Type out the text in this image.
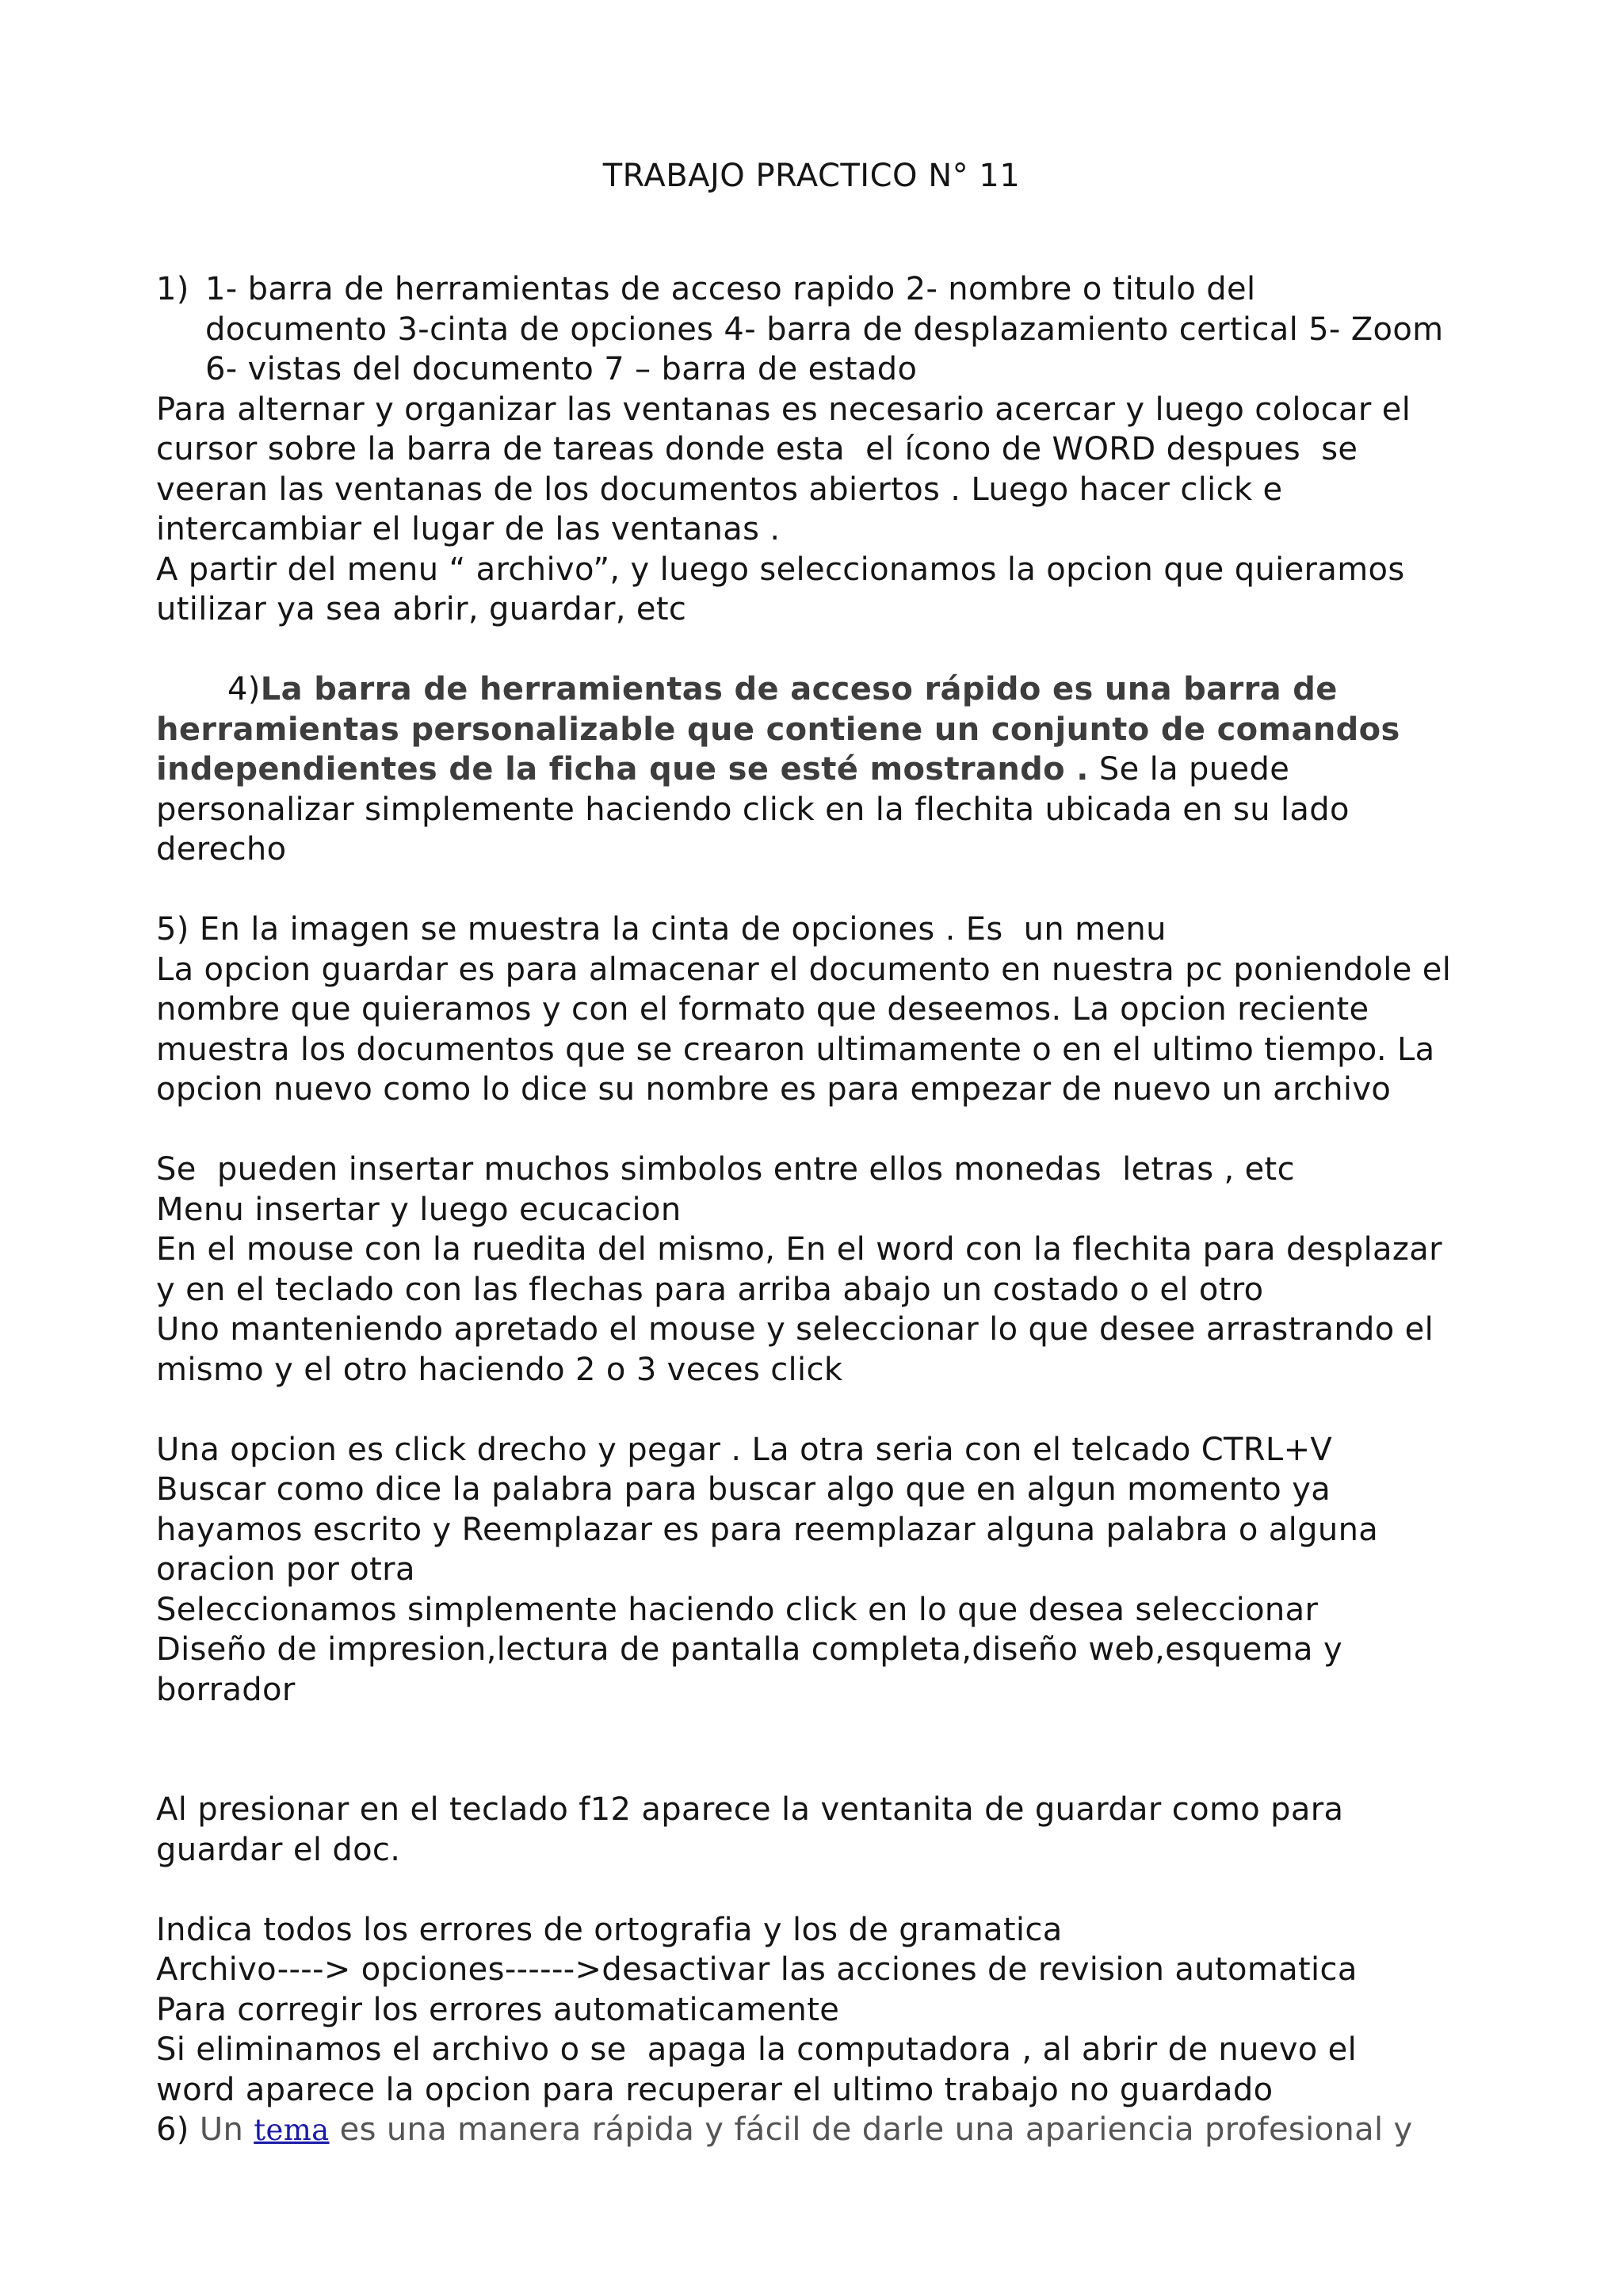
TRABAJO PRACTICO N° 11
1) 1- barra de herramientas de acceso rapido 2- nombre o titulo del
documento 3-cinta de opciones 4- barra de desplazamiento certical 5- Zoom
6- vistas del documento 7 – barra de estado
Para alternar y organizar las ventanas es necesario acercar y luego colocar el
cursor sobre la barra de tareas donde esta  el ícono de WORD despues  se
veeran las ventanas de los documentos abiertos . Luego hacer click e
intercambiar el lugar de las ventanas .
A partir del menu “ archivo”, y luego seleccionamos la opcion que quieramos
utilizar ya sea abrir, guardar, etc
4)La barra de herramientas de acceso rápido es una barra de
herramientas personalizable que contiene un conjunto de comandos
independientes de la ficha que se esté mostrando . Se la puede
personalizar simplemente haciendo click en la flechita ubicada en su lado
derecho
5) En la imagen se muestra la cinta de opciones . Es  un menu
La opcion guardar es para almacenar el documento en nuestra pc poniendole el
nombre que quieramos y con el formato que deseemos. La opcion reciente
muestra los documentos que se crearon ultimamente o en el ultimo tiempo. La
opcion nuevo como lo dice su nombre es para empezar de nuevo un archivo
Se  pueden insertar muchos simbolos entre ellos monedas  letras , etc
Menu insertar y luego ecucacion
En el mouse con la ruedita del mismo, En el word con la flechita para desplazar
y en el teclado con las flechas para arriba abajo un costado o el otro
Uno manteniendo apretado el mouse y seleccionar lo que desee arrastrando el
mismo y el otro haciendo 2 o 3 veces click
Una opcion es click drecho y pegar . La otra seria con el telcado CTRL+V
Buscar como dice la palabra para buscar algo que en algun momento ya
hayamos escrito y Reemplazar es para reemplazar alguna palabra o alguna
oracion por otra
Seleccionamos simplemente haciendo click en lo que desea seleccionar
Diseño de impresion,lectura de pantalla completa,diseño web,esquema y
borrador
Al presionar en el teclado f12 aparece la ventanita de guardar como para
guardar el doc.
Indica todos los errores de ortografia y los de gramatica
Archivo----> opciones------>desactivar las acciones de revision automatica
Para corregir los errores automaticamente
Si eliminamos el archivo o se  apaga la computadora , al abrir de nuevo el
word aparece la opcion para recuperar el ultimo trabajo no guardado
6) Un tema es una manera rápida y fácil de darle una apariencia profesional y
